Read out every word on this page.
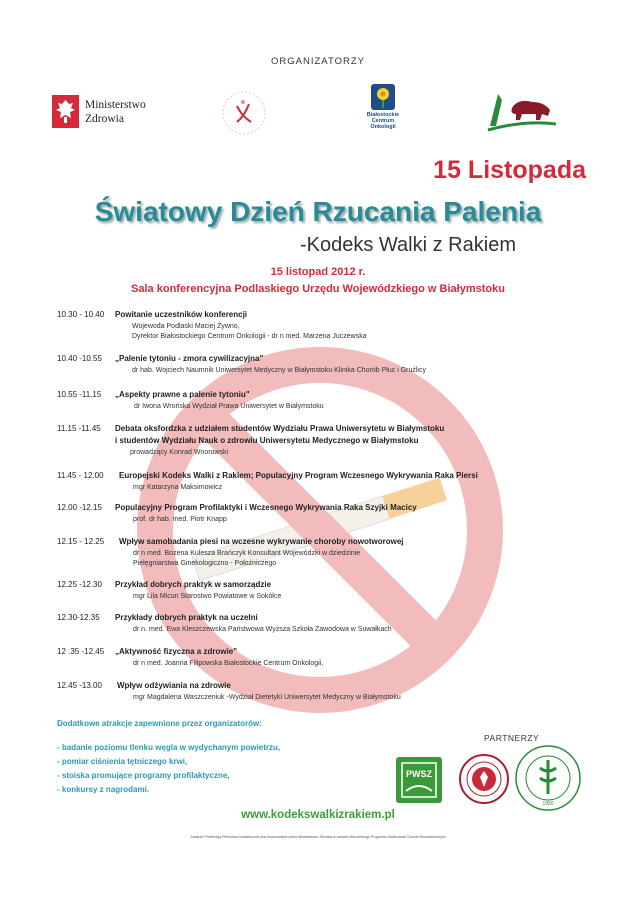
ORGANIZATORZY
Ministerstwo
Zdrowia	Białostockie
Centrum
Onkologii
15 Listopada
Światowy Dzień Rzucania Palenia
-Kodeks Walki z Rakiem
15 listopad 2012 r.
Sala konferencyjna Podlaskiego Urzędu Wojewódzkiego w Białymstoku
10.30 - 10.40 Powitanie uczestników konferencji
Wojewoda Podlaski Maciej Żywno,
Dyrektor Białostockiego Centrum Onkologii - dr n med. Marzena Juczewska
10.40 -10.55 „Palenie tytoniu - zmora cywilizacyjna"
dr hab. Wojciech Naumnik Uniwersytet Medyczny w Białymstoku Klinika Chorób Płuc i Gruźlicy
10.55 -11.15 „Aspekty prawne a palenie tytoniu"
dr Iwona Wrońska Wydział Prawa Uniwersytet w Białymstoku
11.15 -11.45 Debata oksfordzka z udziałem studentów Wydziału Prawa Uniwersytetu w Białymstoku
i studentów Wydziału Nauk o zdrowiu Uniwersytetu Medycznego w Białymstoku
prowadzący Konrad Wnorowski
11.45 - 12.00 Europejski Kodeks Walki z Rakiem; Populacyjny Program Wczesnego Wykrywania Raka Piersi
mgr Katarzyna Maksimowicz
12.00 -12.15 Populacyjny Program Profilaktyki i Wczesnego Wykrywania Raka Szyjki Macicy
prof. dr hab. med. Piotr Knapp
12.15 - 12.25 Wpływ samobadania piesi na wczesne wykrywanie choroby nowotworowej
dr n med. Bożena Kulesza Brańczyk Konsultant Wojewódzki w dziedzinie
Pielęgniarstwa Ginekologiczno - Położniczego
12.25 -12.30 Przykład dobrych praktyk w samorządzie
mgr Lila Micun Starostwo Powiatowe w Sokółce
12.30-12.35 Przykłady dobrych praktyk na uczelni
dr n. med. Ewa Kleszczewska Państwowa Wyższa Szkoła Zawodowa w Suwałkach
12 .35 -12.45 „Aktywność fizyczna a zdrowie"
dr n med. Joanna Filipowska Białostockie Centrum Onkologii,
12.45 -13.00 Wpływ odżywiania na zdrowie
mgr Magdalena Waszczeniuk -Wydział Dietetyki Uniwersytet Medyczny w Białymstoku
Dodatkowe atrakcje zapewnione przez organizatorów:
- badanie poziomu tlenku węgla w wydychanym powietrzu,
- pomiar ciśnienia tętniczego krwi,
- stoiska promujące programy profilaktyczne,
- konkursy z nagrodami.
PARTNERZY
PWSZ
1950
www.kodekswalkizrakiem.pl
Zadanie Prewencja Pierwotna Nowotworów jest finansowane przez Ministerstwo Zdrowia w ramach Narodowego Programu Zwalczania Chorób Nowotworowych
